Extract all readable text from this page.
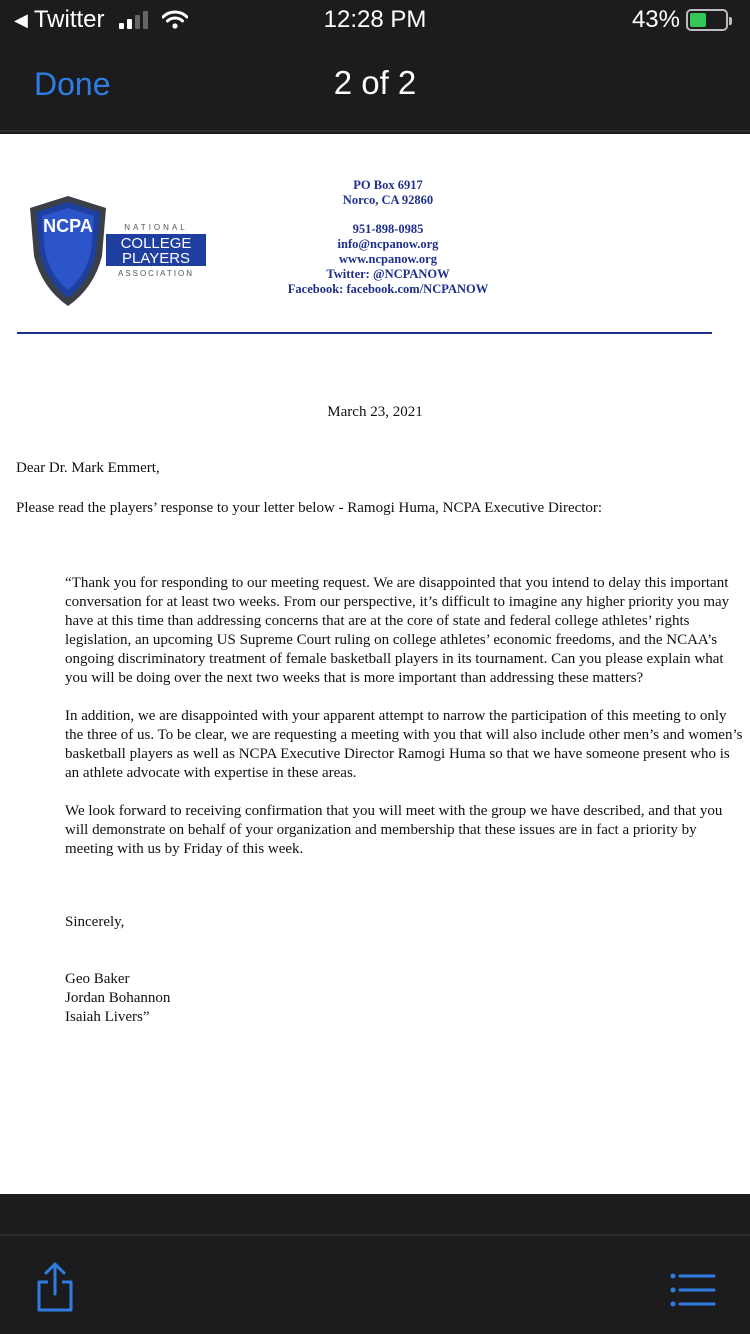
◀ Twitter	12:28 PM	43%
Done	2 of 2
NCPA	NATIONAL
COLLEGE
PLAYERS
ASSOCIATION
PO Box 6917
Norco, CA 92860
951-898-0985
info@ncpanow.org
www.ncpanow.org
Twitter: @NCPANOW
Facebook: facebook.com/NCPANOW
March 23, 2021
Dear Dr. Mark Emmert,
Please read the players’ response to your letter below - Ramogi Huma, NCPA Executive Director:

“Thank you for responding to our meeting request. We are disappointed that you intend to delay this important conversation for at least two weeks. From our perspective, it’s difficult to imagine any higher priority you may have at this time than addressing concerns that are at the core of state and federal college athletes’ rights legislation, an upcoming US Supreme Court ruling on college athletes’ economic freedoms, and the NCAA’s ongoing discriminatory treatment of female basketball players in its tournament. Can you please explain what you will be doing over the next two weeks that is more important than addressing these matters?

In addition, we are disappointed with your apparent attempt to narrow the participation of this meeting to only the three of us. To be clear, we are requesting a meeting with you that will also include other men’s and women’s basketball players as well as NCPA Executive Director Ramogi Huma so that we have someone present who is an athlete advocate with expertise in these areas.

We look forward to receiving confirmation that you will meet with the group we have described, and that you will demonstrate on behalf of your organization and membership that these issues are in fact a priority by meeting with us by Friday of this week.

Sincerely,
Geo Baker
Jordan Bohannon
Isaiah Livers”
